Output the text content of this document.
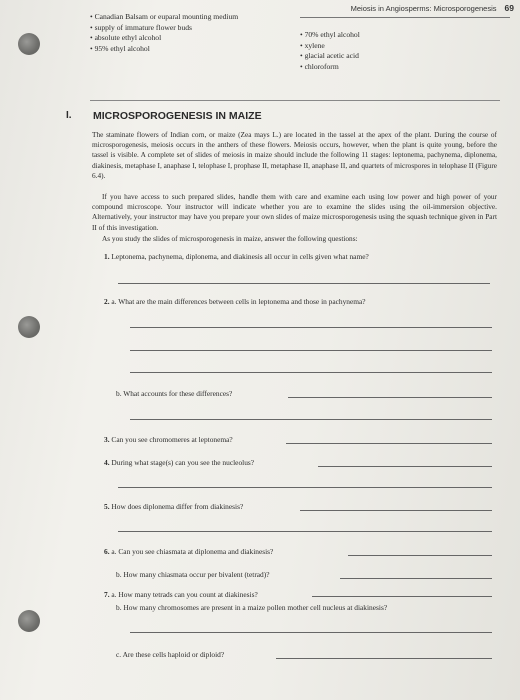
Meiosis in Angiosperms: Microsporogenesis 69
• Canadian Balsam or euparal mounting medium
• supply of immature flower buds
• absolute ethyl alcohol
• 95% ethyl alcohol
• 70% ethyl alcohol
• xylene
• glacial acetic acid
• chloroform
I. MICROSPOROGENESIS IN MAIZE
The staminate flowers of Indian corn, or maize (Zea mays L.) are located in the tassel at the apex of the plant. During the course of microsporogenesis, meiosis occurs in the anthers of these flowers. Meiosis occurs, however, when the plant is quite young, before the tassel is visible. A complete set of slides of meiosis in maize should include the following 11 stages: leptonema, pachynema, diplonema, diakinesis, metaphase I, anaphase I, telophase I, prophase II, metaphase II, anaphase II, and quartets of microspores in telophase II (Figure 6.4).
If you have access to such prepared slides, handle them with care and examine each using low power and high power of your compound microscope. Your instructor will indicate whether you are to examine the slides using the oil-immersion objective. Alternatively, your instructor may have you prepare your own slides of maize microsporogenesis using the squash technique given in Part II of this investigation.
As you study the slides of microsporogenesis in maize, answer the following questions:
1. Leptonema, pachynema, diplonema, and diakinesis all occur in cells given what name?
2. a. What are the main differences between cells in leptonema and those in pachynema?
b. What accounts for these differences?
3. Can you see chromomeres at leptonema?
4. During what stage(s) can you see the nucleolus?
5. How does diplonema differ from diakinesis?
6. a. Can you see chiasmata at diplonema and diakinesis?
b. How many chiasmata occur per bivalent (tetrad)?
7. a. How many tetrads can you count at diakinesis?
b. How many chromosomes are present in a maize pollen mother cell nucleus at diakinesis?
c. Are these cells haploid or diploid?
